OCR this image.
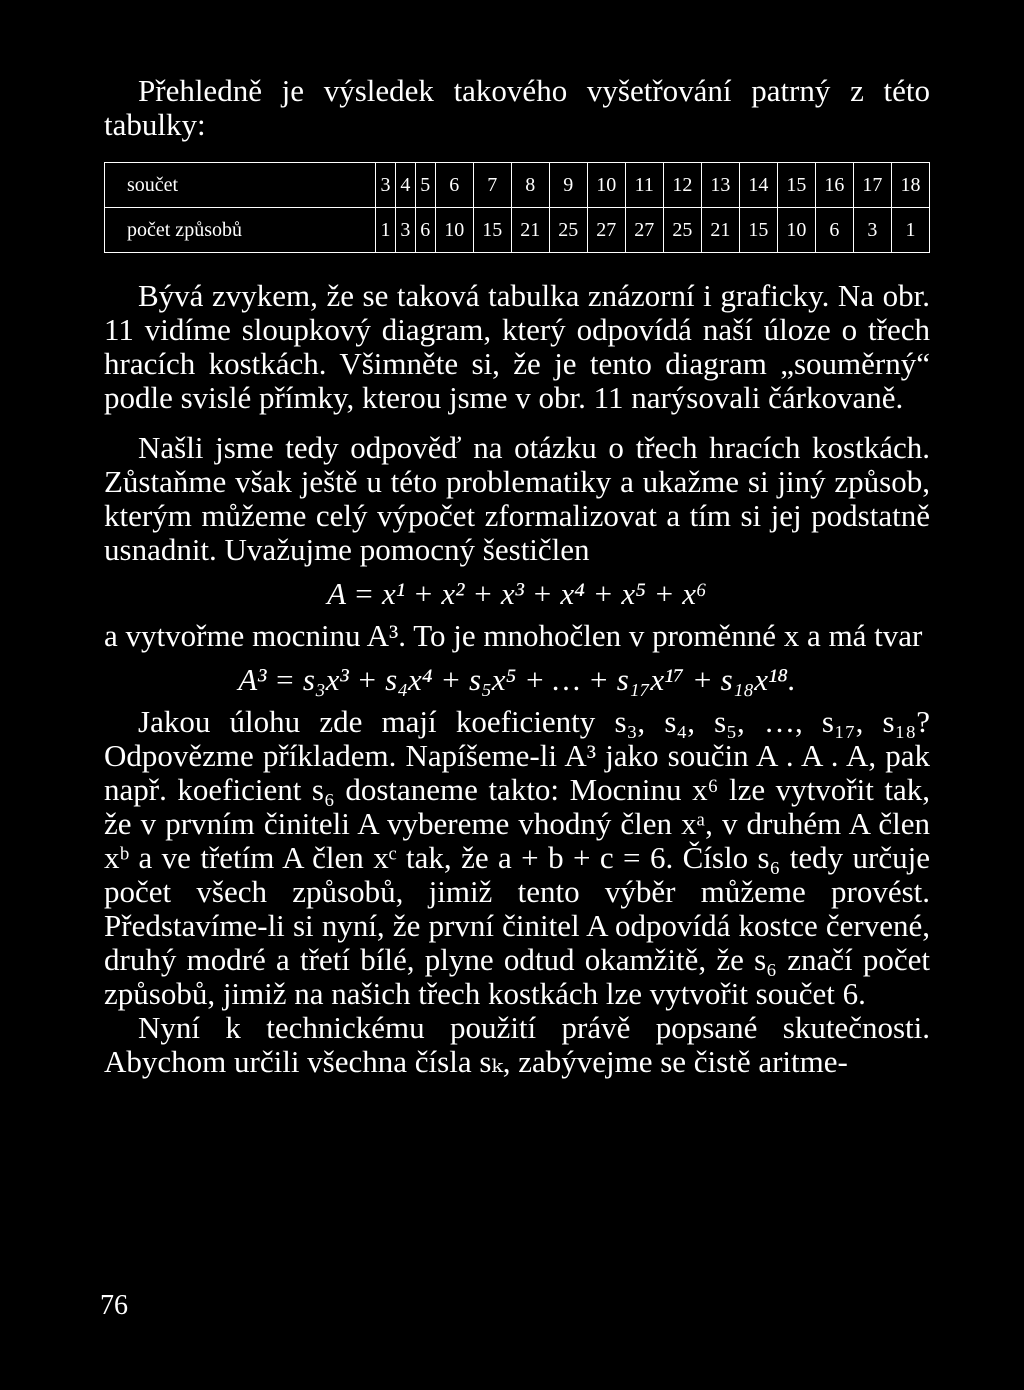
Přehledně je výsledek takového vyšetřování patrný z této tabulky:

součet	3	4	5	6	7	8	9	10	11	12	13	14	15	16	17	18
počet způsobů	1	3	6	10	15	21	25	27	27	25	21	15	10	6	3	1

Bývá zvykem, že se taková tabulka znázorní i graficky. Na obr. 11 vidíme sloupkový diagram, který odpovídá naší úloze o třech hracích kostkách. Všimněte si, že je tento diagram „souměrný“ podle svislé přímky, kterou jsme v obr. 11 narýsovali čárkovaně.

Našli jsme tedy odpověď na otázku o třech hracích kostkách. Zůstaňme však ještě u této problematiky a ukažme si jiný způsob, kterým můžeme celý výpočet zformalizovat a tím si jej podstatně usnadnit. Uvažujme pomocný šestičlen

A = x¹ + x² + x³ + x⁴ + x⁵ + x⁶

a vytvořme mocninu A³. To je mnohočlen v proměnné x a má tvar

A³ = s₃x³ + s₄x⁴ + s₅x⁵ + … + s₁₇x¹⁷ + s₁₈x¹⁸.

Jakou úlohu zde mají koeficienty s₃, s₄, s₅, …, s₁₇, s₁₈? Odpovězme příkladem. Napíšeme-li A³ jako součin A . A . A, pak např. koeficient s₆ dostaneme takto: Mocninu x⁶ lze vytvořit tak, že v prvním činiteli A vybereme vhodný člen xᵃ, v druhém A člen xᵇ a ve třetím A člen xᶜ tak, že a + b + c = 6. Číslo s₆ tedy určuje počet všech způsobů, jimiž tento výběr můžeme provést. Představíme-li si nyní, že první činitel A odpovídá kostce červené, druhý modré a třetí bílé, plyne odtud okamžitě, že s₆ značí počet způsobů, jimiž na našich třech kostkách lze vytvořit součet 6.

Nyní k technickému použití právě popsané skutečnosti. Abychom určili všechna čísla sₖ, zabývejme se čistě aritme-

76
